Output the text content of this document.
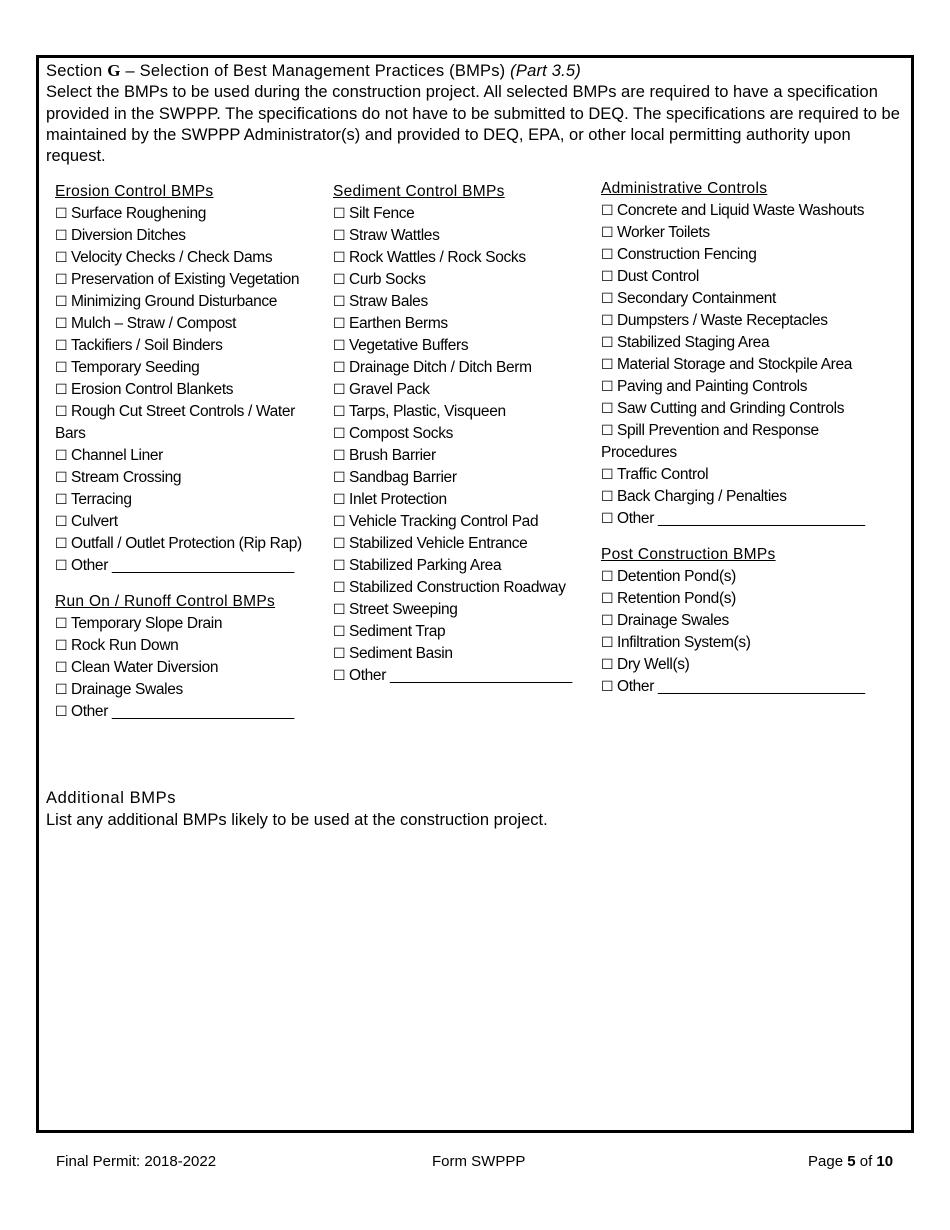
Section G – Selection of Best Management Practices (BMPs) (Part 3.5)
Select the BMPs to be used during the construction project. All selected BMPs are required to have a specification provided in the SWPPP. The specifications do not have to be submitted to DEQ. The specifications are required to be maintained by the SWPPP Administrator(s) and provided to DEQ, EPA, or other local permitting authority upon request.
Erosion Control BMPs
☐ Surface Roughening
☐ Diversion Ditches
☐ Velocity Checks / Check Dams
☐ Preservation of Existing Vegetation
☐ Minimizing Ground Disturbance
☐ Mulch – Straw / Compost
☐ Tackifiers / Soil Binders
☐ Temporary Seeding
☐ Erosion Control Blankets
☐ Rough Cut Street Controls / Water Bars
☐ Channel Liner
☐ Stream Crossing
☐ Terracing
☐ Culvert
☐ Outfall / Outlet Protection (Rip Rap)
☐ Other ______________________
Run On / Runoff Control BMPs
☐ Temporary Slope Drain
☐ Rock Run Down
☐ Clean Water Diversion
☐ Drainage Swales
☐ Other ______________________
Sediment Control BMPs
☐ Silt Fence
☐ Straw Wattles
☐ Rock Wattles / Rock Socks
☐ Curb Socks
☐ Straw Bales
☐ Earthen Berms
☐ Vegetative Buffers
☐ Drainage Ditch / Ditch Berm
☐ Gravel Pack
☐ Tarps, Plastic, Visqueen
☐ Compost Socks
☐ Brush Barrier
☐ Sandbag Barrier
☐ Inlet Protection
☐ Vehicle Tracking Control Pad
☐ Stabilized Vehicle Entrance
☐ Stabilized Parking Area
☐ Stabilized Construction Roadway
☐ Street Sweeping
☐ Sediment Trap
☐ Sediment Basin
☐ Other ______________________
Administrative Controls
☐ Concrete and Liquid Waste Washouts
☐ Worker Toilets
☐ Construction Fencing
☐ Dust Control
☐ Secondary Containment
☐ Dumpsters / Waste Receptacles
☐ Stabilized Staging Area
☐ Material Storage and Stockpile Area
☐ Paving and Painting Controls
☐ Saw Cutting and Grinding Controls
☐ Spill Prevention and Response Procedures
☐ Traffic Control
☐ Back Charging / Penalties
☐ Other _________________________
Post Construction BMPs
☐ Detention Pond(s)
☐ Retention Pond(s)
☐ Drainage Swales
☐ Infiltration System(s)
☐ Dry Well(s)
☐ Other _________________________
Additional BMPs
List any additional BMPs likely to be used at the construction project.
Final Permit: 2018-2022	Form SWPPP	Page 5 of 10
